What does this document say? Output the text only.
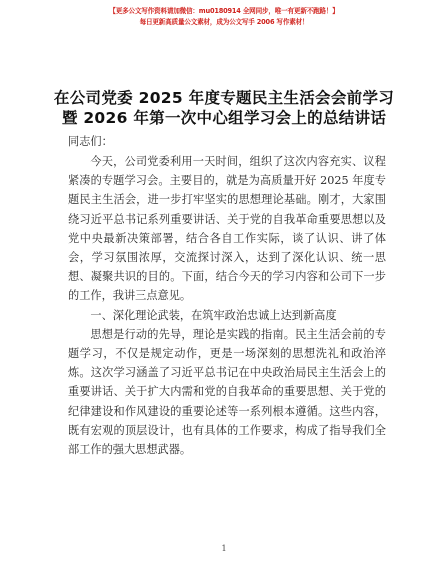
【更多公文写作资料请加微信：mu0180914 全网同步，唯一有更新不跑路！】
每日更新高质量公文素材，成为公文写手 2006 写作素材！
在公司党委 2025 年度专题民主生活会会前学习
暨 2026 年第一次中心组学习会上的总结讲话
同志们：

今天，公司党委利用一天时间，组织了这次内容充实、议程紧凑的专题学习会。主要目的，就是为高质量开好 2025 年度专题民主生活会，进一步打牢坚实的思想理论基础。刚才，大家围绕习近平总书记系列重要讲话、关于党的自我革命重要思想以及党中央最新决策部署，结合各自工作实际，谈了认识、讲了体会，学习氛围浓厚，交流探讨深入，达到了深化认识、统一思想、凝聚共识的目的。下面，结合今天的学习内容和公司下一步的工作，我讲三点意见。

一、深化理论武装，在筑牢政治忠诚上达到新高度

思想是行动的先导，理论是实践的指南。民主生活会前的专题学习，不仅是规定动作，更是一场深刻的思想洗礼和政治淬炼。这次学习涵盖了习近平总书记在中央政治局民主生活会上的重要讲话、关于扩大内需和党的自我革命的重要思想、关于党的纪律建设和作风建设的重要论述等一系列根本遵循。这些内容，既有宏观的顶层设计，也有具体的工作要求，构成了指导我们全部工作的强大思想武器。

1
